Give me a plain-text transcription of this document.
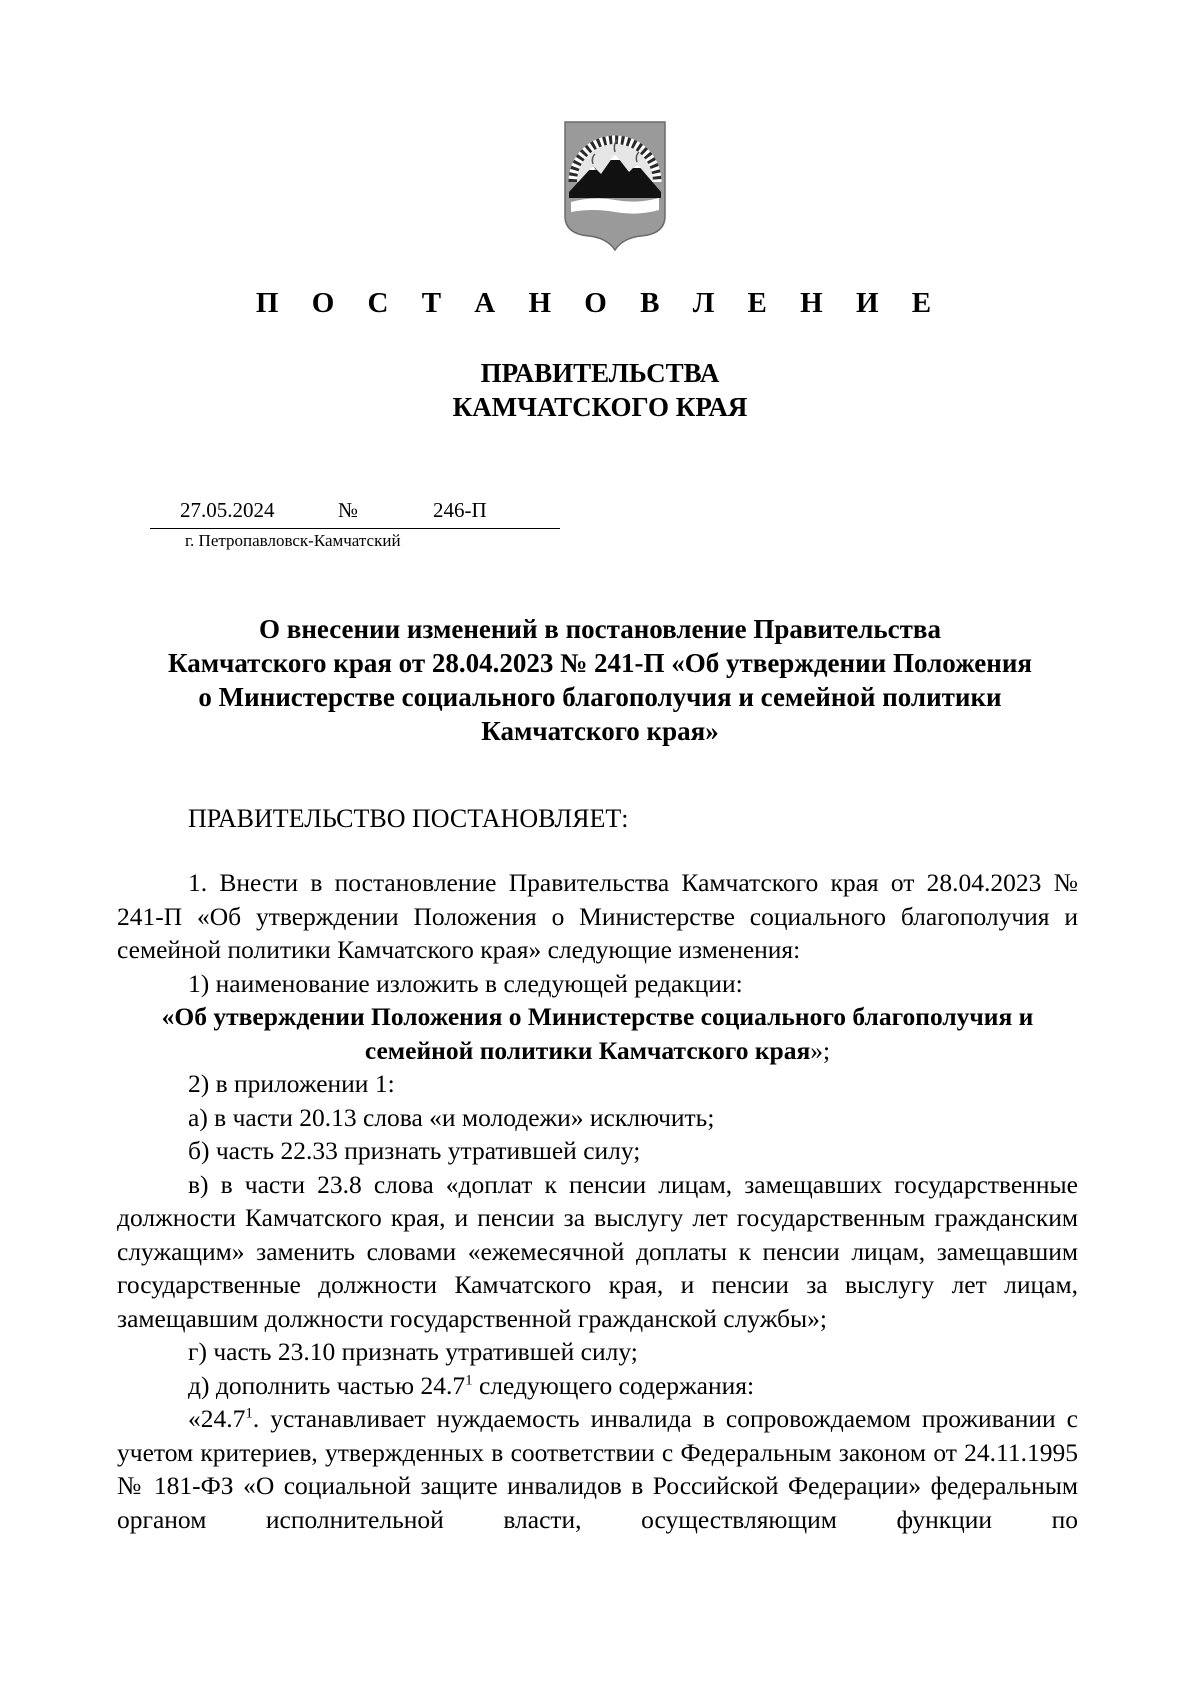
П О С Т А Н О В Л Е Н И Е
ПРАВИТЕЛЬСТВА
КАМЧАТСКОГО КРАЯ
27.05.2024	№	246-П
г. Петропавловск-Камчатский
О внесении изменений в постановление Правительства
Камчатского края от 28.04.2023 № 241-П «Об утверждении Положения
о Министерстве социального благополучия и семейной политики
Камчатского края»
ПРАВИТЕЛЬСТВО ПОСТАНОВЛЯЕТ:

1. Внести в постановление Правительства Камчатского края от 28.04.2023 № 241-П «Об утверждении Положения о Министерстве социального благополучия и семейной политики Камчатского края» следующие изменения:

1) наименование изложить в следующей редакции:

«Об утверждении Положения о Министерстве социального благополучия и семейной политики Камчатского края»;

2) в приложении 1:

а) в части 20.13 слова «и молодежи» исключить;

б) часть 22.33 признать утратившей силу;

в) в части 23.8 слова «доплат к пенсии лицам, замещавших государственные должности Камчатского края, и пенсии за выслугу лет государственным гражданским служащим» заменить словами «ежемесячной доплаты к пенсии лицам, замещавшим государственные должности Камчатского края, и пенсии за выслугу лет лицам, замещавшим должности государственной гражданской службы»;

г) часть 23.10 признать утратившей силу;

д) дополнить частью 24.7$^1$ следующего содержания:

«24.7$^1$. устанавливает нуждаемость инвалида в сопровождаемом проживании с учетом критериев, утвержденных в соответствии с Федеральным законом от 24.11.1995 № 181-ФЗ «О социальной защите инвалидов в Российской Федерации» федеральным органом исполнительной власти, осуществляющим функции по
